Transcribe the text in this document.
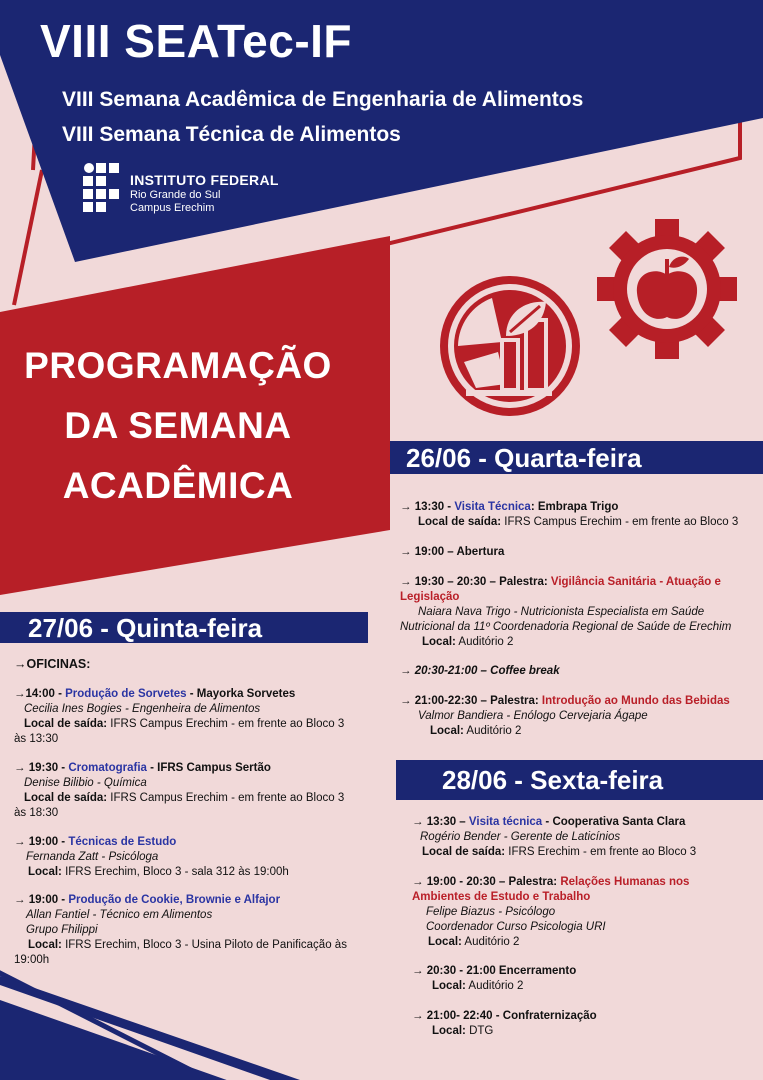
VIII SEATec-IF
VIII Semana Acadêmica de Engenharia de Alimentos
VIII Semana Técnica de Alimentos
INSTITUTO FEDERAL
Rio Grande do Sul
Campus Erechim
PROGRAMAÇÃO
DA SEMANA
ACADÊMICA
26/06 - Quarta-feira
→ 13:30 - Visita Técnica: Embrapa Trigo
Local de saída: IFRS Campus Erechim - em frente ao Bloco 3
→ 19:00 – Abertura
→ 19:30 – 20:30 – Palestra: Vigilância Sanitária - Atuação e
Legislação
Naiara Nava Trigo - Nutricionista Especialista em Saúde
Nutricional da 11º Coordenadoria Regional de Saúde de Erechim
Local: Auditório 2
→ 20:30-21:00 – Coffee break
→ 21:00-22:30 – Palestra: Introdução ao Mundo das Bebidas
Valmor Bandiera - Enólogo Cervejaria Ágape
Local: Auditório 2
27/06 - Quinta-feira
→OFICINAS:
→14:00 - Produção de Sorvetes - Mayorka Sorvetes
Cecilia Ines Bogies - Engenheira de Alimentos
Local de saída: IFRS Campus Erechim - em frente ao Bloco 3
às 13:30
→ 19:30 - Cromatografia - IFRS Campus Sertão
Denise Bilibio - Química
Local de saída: IFRS Campus Erechim - em frente ao Bloco 3
às 18:30
→ 19:00 - Técnicas de Estudo
Fernanda Zatt - Psicóloga
Local: IFRS Erechim, Bloco 3 - sala 312 às 19:00h
→ 19:00 - Produção de Cookie, Brownie e Alfajor
Allan Fantiel - Técnico em Alimentos
Grupo Fhilippi
Local: IFRS Erechim, Bloco 3 - Usina Piloto de Panificação às
19:00h
28/06 - Sexta-feira
→ 13:30 – Visita técnica - Cooperativa Santa Clara
Rogério Bender - Gerente de Laticínios
Local de saída: IFRS Erechim - em frente ao Bloco 3
→ 19:00 - 20:30 – Palestra: Relações Humanas nos
Ambientes de Estudo e Trabalho
Felipe Biazus - Psicólogo
Coordenador Curso Psicologia URI
Local: Auditório 2
→ 20:30 - 21:00 Encerramento
Local: Auditório 2
→ 21:00- 22:40 - Confraternização
Local: DTG
